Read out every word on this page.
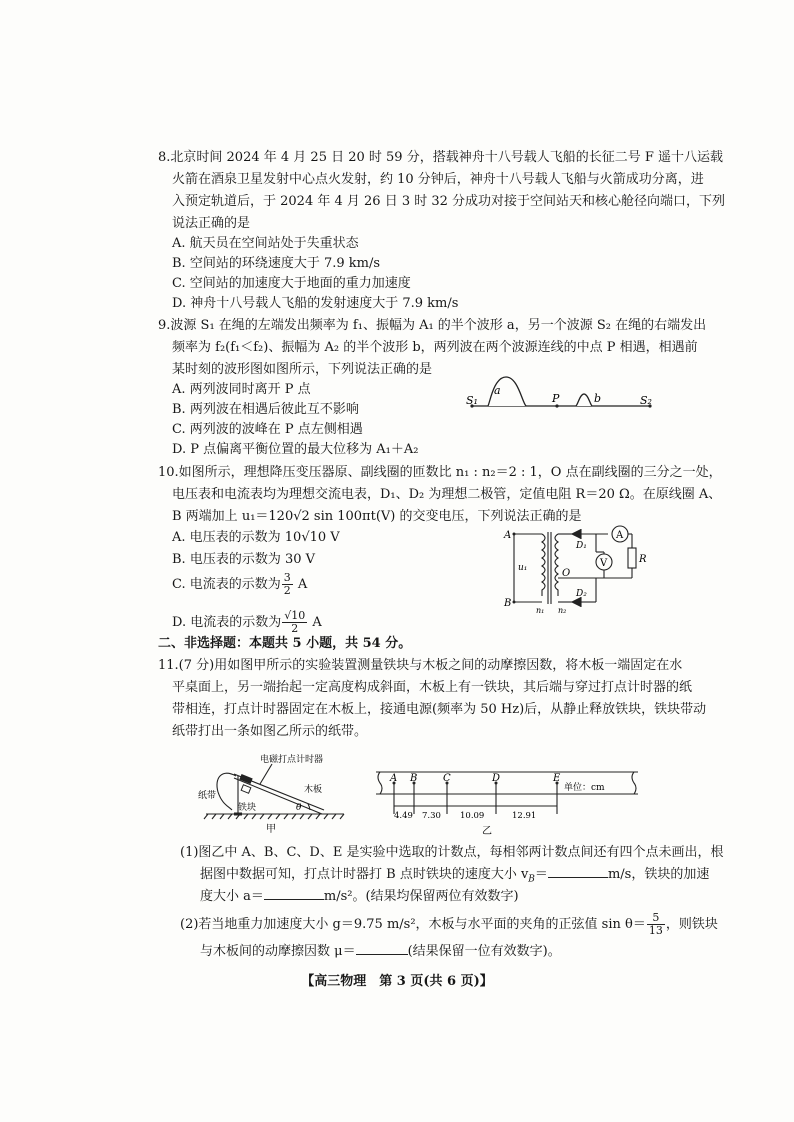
8.北京时间 2024 年 4 月 25 日 20 时 59 分，搭载神舟十八号载人飞船的长征二号 F 遥十八运载
火箭在酒泉卫星发射中心点火发射，约 10 分钟后，神舟十八号载人飞船与火箭成功分离，进
入预定轨道后，于 2024 年 4 月 26 日 3 时 32 分成功对接于空间站天和核心舱径向端口，下列
说法正确的是
A. 航天员在空间站处于失重状态
B. 空间站的环绕速度大于 7.9 km/s
C. 空间站的加速度大于地面的重力加速度
D. 神舟十八号载人飞船的发射速度大于 7.9 km/s
9.波源 S₁ 在绳的左端发出频率为 f₁、振幅为 A₁ 的半个波形 a，另一个波源 S₂ 在绳的右端发出
频率为 f₂(f₁＜f₂)、振幅为 A₂ 的半个波形 b，两列波在两个波源连线的中点 P 相遇，相遇前
某时刻的波形图如图所示，下列说法正确的是
A. 两列波同时离开 P 点
B. 两列波在相遇后彼此互不影响
C. 两列波的波峰在 P 点左侧相遇
D. P 点偏离平衡位置的最大位移为 A₁＋A₂
S₁	S₂
a
b
P
10.如图所示，理想降压变压器原、副线圈的匝数比 n₁ : n₂＝2 : 1，O 点在副线圈的三分之一处，
电压表和电流表均为理想交流电表，D₁、D₂ 为理想二极管，定值电阻 R＝20 Ω。在原线圈 A、
B 两端加上 u₁＝120√2 sin 100πt(V) 的交变电压，下列说法正确的是
A. 电压表的示数为 10√10 V
B. 电压表的示数为 30 V
C. 电流表的示数为 $\frac{3}{2}$ A
D. 电流表的示数为 $\frac{√10}{2}$ A
A
B
u₁
n₁ n₂
D₁
D₂
O
A
V	R
二、非选择题：本题共 5 小题，共 54 分。
11.(7 分)用如图甲所示的实验装置测量铁块与木板之间的动摩擦因数，将木板一端固定在水
平桌面上，另一端抬起一定高度构成斜面，木板上有一铁块，其后端与穿过打点计时器的纸
带相连，打点计时器固定在木板上，接通电源(频率为 50 Hz)后，从静止释放铁块，铁块带动
纸带打出一条如图乙所示的纸带。
电磁打点计时器
纸带
木板
铁块	θ
甲
A B	C	D	E
4.49 7.30 10.09	12.91
单位：cm
乙
(1)图乙中 A、B、C、D、E 是实验中选取的计数点，每相邻两计数点间还有四个点未画出，根
据图中数据可知，打点计时器打 B 点时铁块的速度大小 $v_B=$	m/s，铁块的加速
度大小 a＝	m/s²。(结果均保留两位有效数字)
(2)若当地重力加速度大小 g＝9.75 m/s²，木板与水平面的夹角的正弦值 $\sin \theta= \frac{5}{13}$ ，则铁块
与木板间的动摩擦因数 μ＝	(结果保留一位有效数字)。
【高三物理　第 3 页(共 6 页)】
